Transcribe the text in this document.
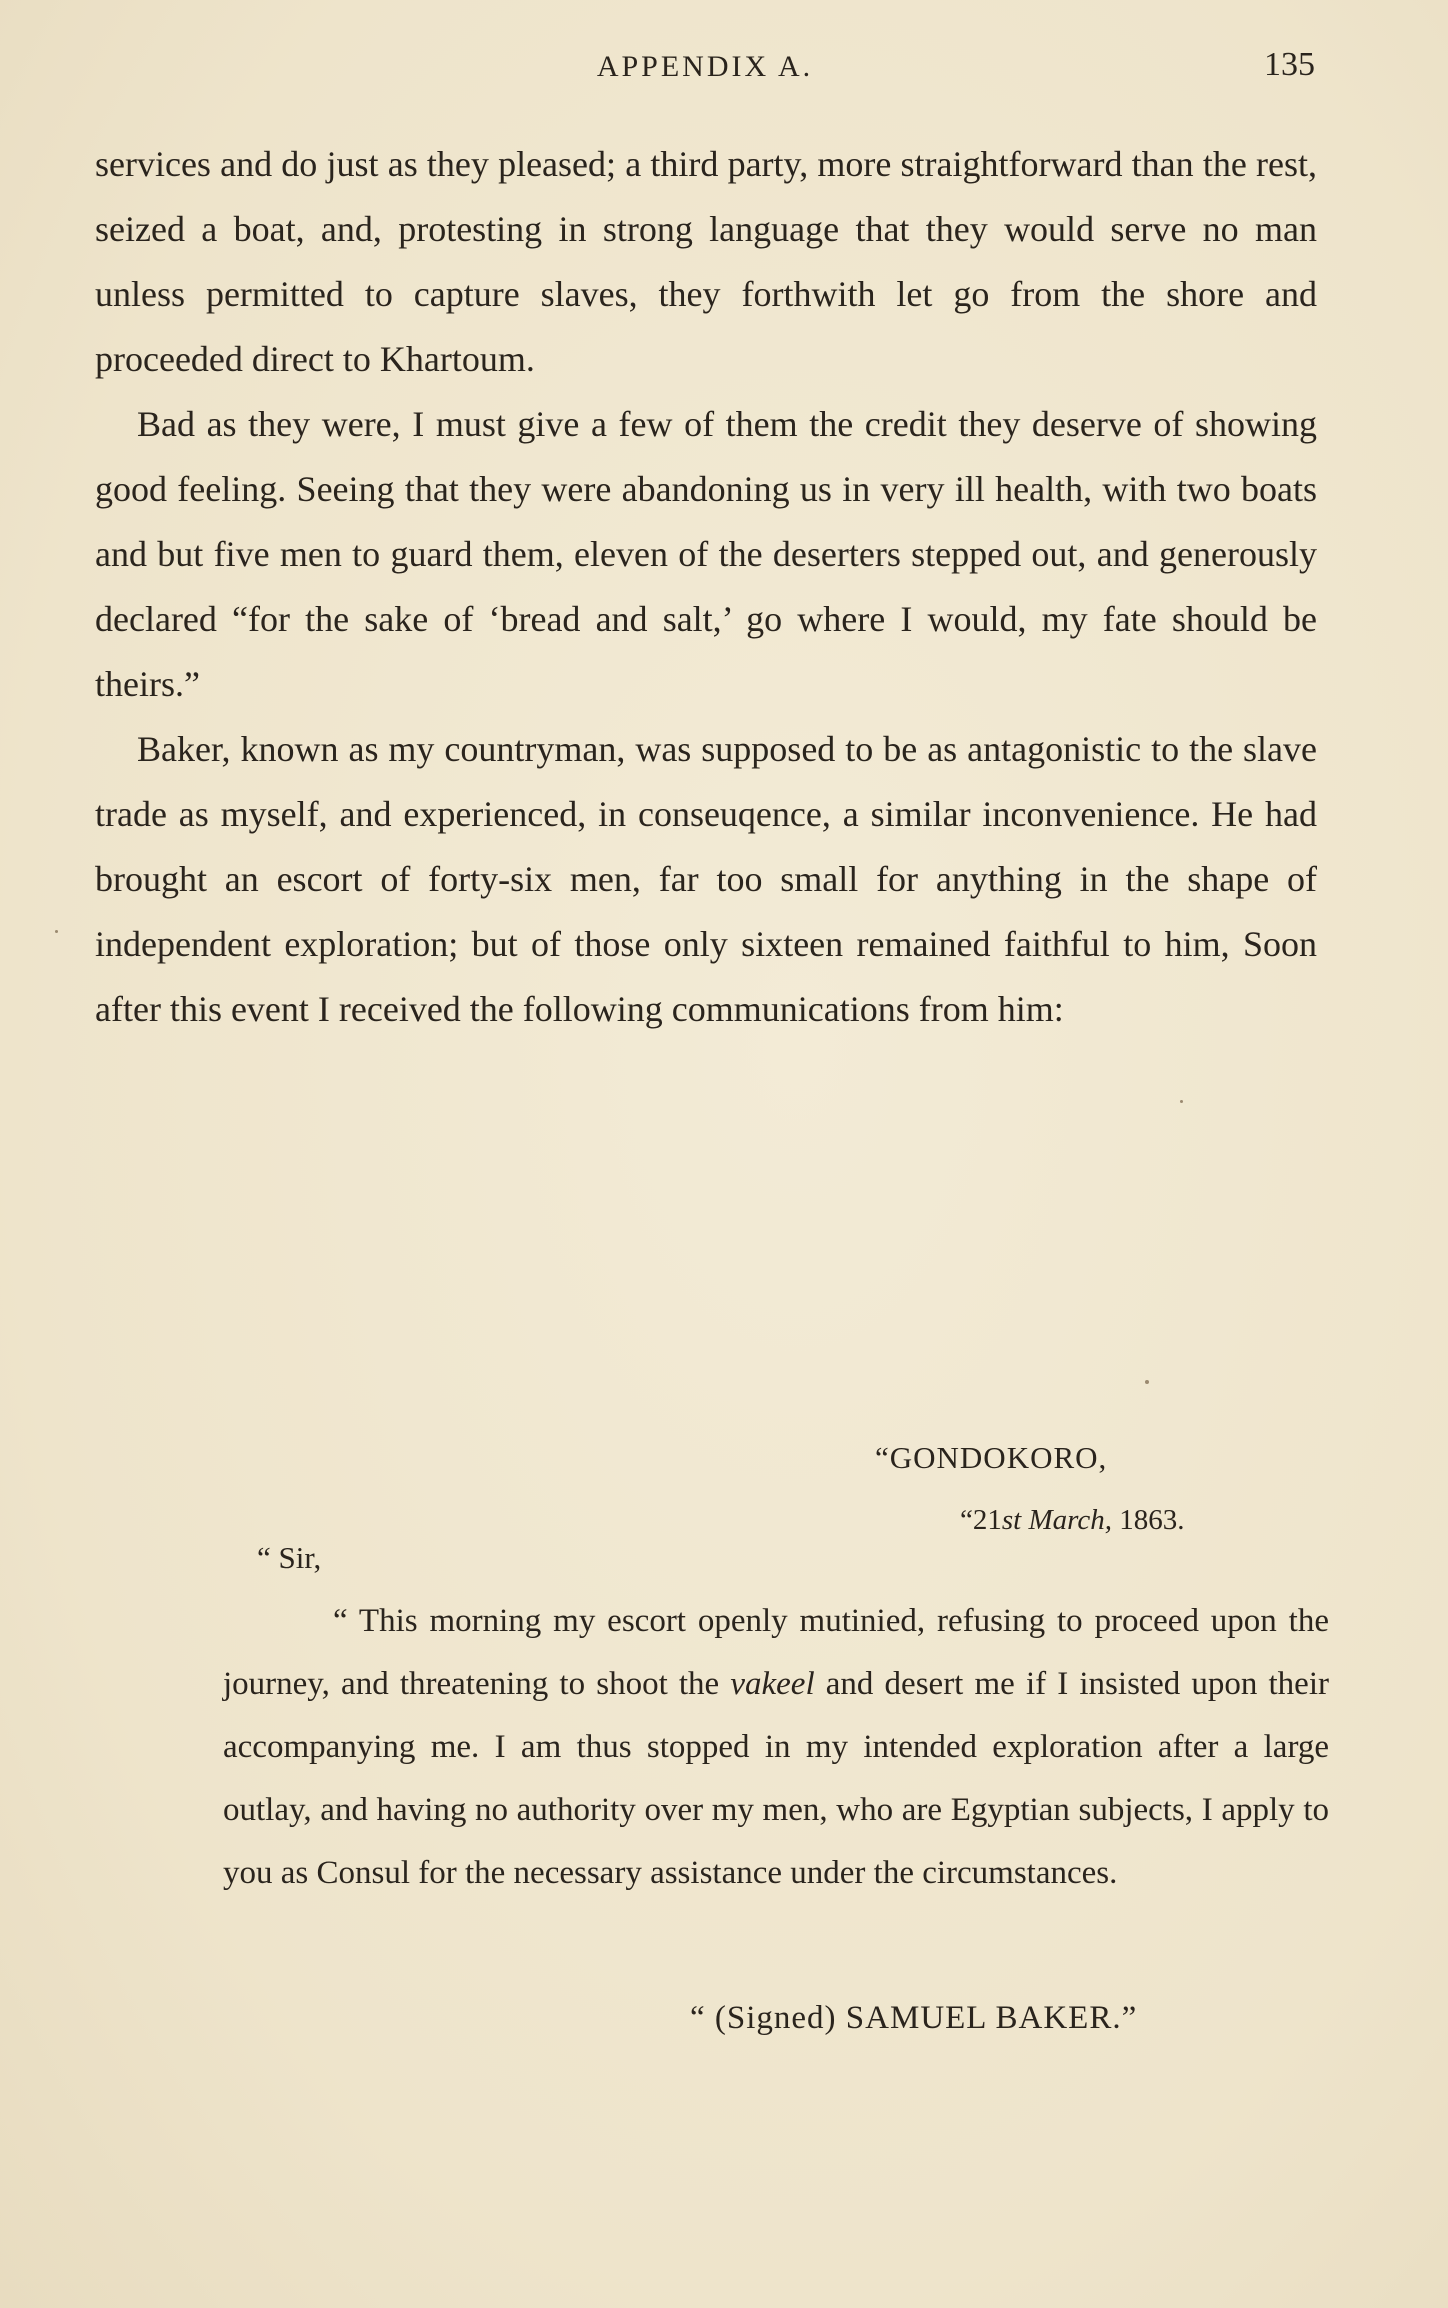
APPENDIX A.	135

services and do just as they pleased; a third party, more straightforward than the rest, seized a boat, and, protesting in strong language that they would serve no man unless permitted to capture slaves, they forthwith let go from the shore and proceeded direct to Khartoum.

Bad as they were, I must give a few of them the credit they deserve of showing good feeling. Seeing that they were abandoning us in very ill health, with two boats and but five men to guard them, eleven of the deserters stepped out, and generously declared “for the sake of ‘bread and salt,’ go where I would, my fate should be theirs.”

Baker, known as my countryman, was supposed to be as antagonistic to the slave trade as myself, and experienced, in conseuqence, a similar inconvenience. He had brought an escort of forty-six men, far too small for anything in the shape of independent exploration; but of those only sixteen remained faithful to him, Soon after this event I received the following communications from him:

“GONDOKORO,
“21st March, 1863.
“ Sir,

“ This morning my escort openly mutinied, refusing to proceed upon the journey, and threatening to shoot the vakeel and desert me if I insisted upon their accompanying me. I am thus stopped in my intended exploration after a large outlay, and having no authority over my men, who are Egyptian subjects, I apply to you as Consul for the necessary assistance under the circumstances.

“ (Signed) SAMUEL BAKER.”
